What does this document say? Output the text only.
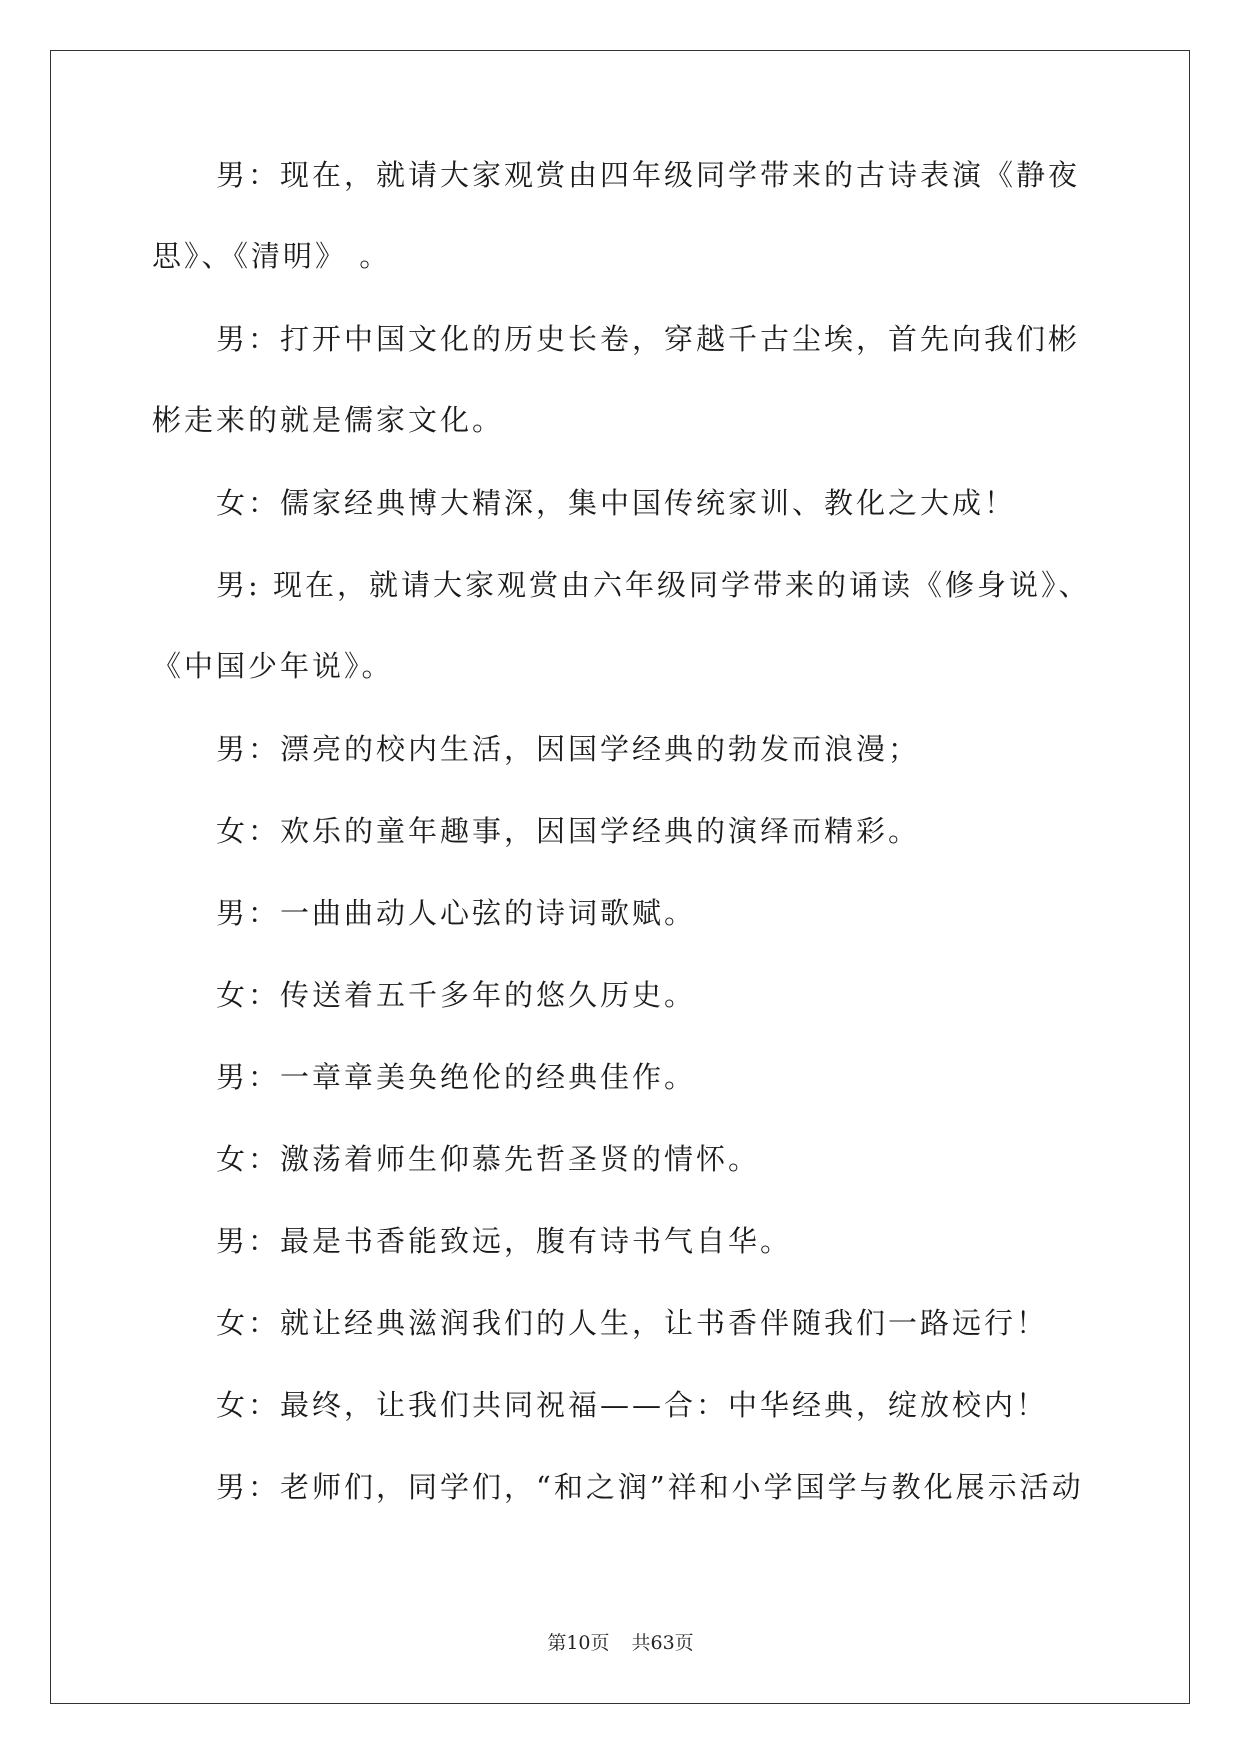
男：现在，就请大家观赏由四年级同学带来的古诗表演《静夜思》、《清明》 。

男：打开中国文化的历史长卷，穿越千古尘埃，首先向我们彬彬走来的就是儒家文化。

女：儒家经典博大精深，集中国传统家训、教化之大成！

男: 现在，就请大家观赏由六年级同学带来的诵读《修身说》、《中国少年说》。

男：漂亮的校内生活，因国学经典的勃发而浪漫；

女：欢乐的童年趣事，因国学经典的演绎而精彩。

男：一曲曲动人心弦的诗词歌赋。

女：传送着五千多年的悠久历史。

男：一章章美奂绝伦的经典佳作。

女：激荡着师生仰慕先哲圣贤的情怀。

男：最是书香能致远，腹有诗书气自华。

女：就让经典滋润我们的人生，让书香伴随我们一路远行！

女：最终，让我们共同祝福——合：中华经典，绽放校内！

男：老师们，同学们，“和之润”祥和小学国学与教化展示活动

第10页 共63页
